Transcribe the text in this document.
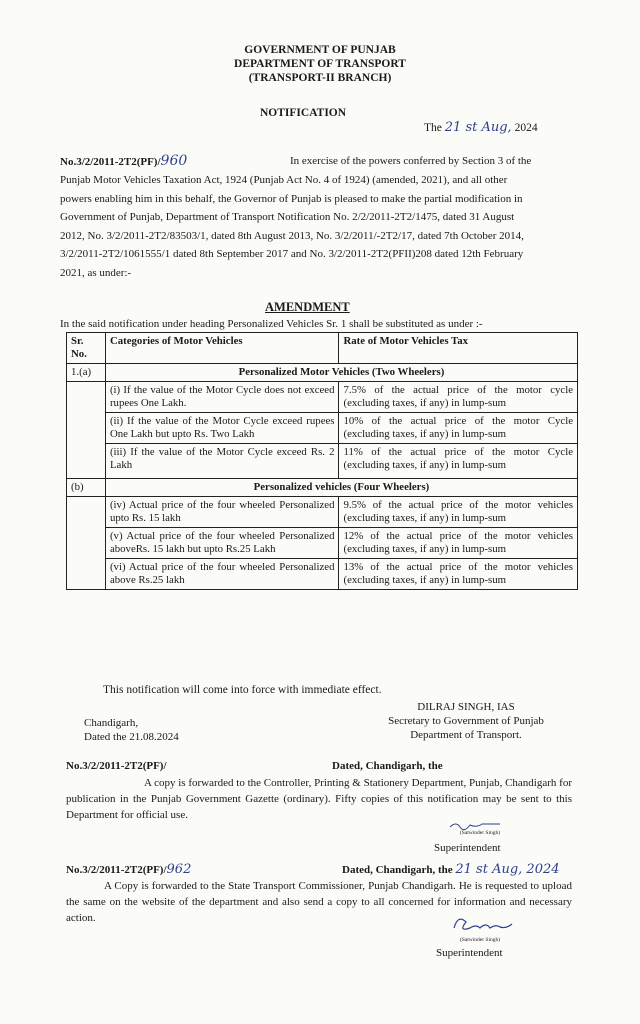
GOVERNMENT OF PUNJAB
DEPARTMENT OF TRANSPORT
(TRANSPORT-II BRANCH)
NOTIFICATION
The 21 st Aug, 2024
No.3/2/2011-2T2(PF)/960	In exercise of the powers conferred by Section 3 of the
Punjab Motor Vehicles Taxation Act, 1924 (Punjab Act No. 4 of 1924) (amended, 2021), and all other
powers enabling him in this behalf, the Governor of Punjab is pleased to make the partial modification in
Government of Punjab, Department of Transport Notification No. 2/2/2011-2T2/1475, dated 31 August
2012, No. 3/2/2011-2T2/83503/1, dated 8th August 2013, No. 3/2/2011/-2T2/17, dated 7th October 2014,
3/2/2011-2T2/1061555/1 dated 8th September 2017 and No. 3/2/2011-2T2(PFII)208 dated 12th February
2021, as under:-
AMENDMENT
In the said notification under heading Personalized Vehicles Sr. 1 shall be substituted as under :-
Sr. No.	Categories of Motor Vehicles	Rate of Motor Vehicles Tax
1.(a)	Personalized Motor Vehicles (Two Wheelers)	
	(i) If the value of the Motor Cycle does not exceed rupees One Lakh.	7.5% of the actual price of the motor cycle (excluding taxes, if any) in lump-sum
	(ii) If the value of the Motor Cycle exceed rupees One Lakh but upto Rs. Two Lakh	10% of the actual price of the motor Cycle (excluding taxes, if any) in lump-sum
	(iii) If the value of the Motor Cycle exceed Rs. 2 Lakh	11% of the actual price of the motor Cycle (excluding taxes, if any) in lump-sum
(b)	Personalized vehicles (Four Wheelers)	
	(iv) Actual price of the four wheeled Personalized upto Rs. 15 lakh	9.5% of the actual price of the motor vehicles (excluding taxes, if any) in lump-sum
	(v) Actual price of the four wheeled Personalized aboveRs. 15 lakh but upto Rs.25 Lakh	12% of the actual price of the motor vehicles (excluding taxes, if any) in lump-sum
	(vi) Actual price of the four wheeled Personalized above Rs.25 lakh	13% of the actual price of the motor vehicles (excluding taxes, if any) in lump-sum
This notification will come into force with immediate effect.
DILRAJ SINGH, IAS
Secretary to Government of Punjab
Department of Transport.
Chandigarh,
Dated the 21.08.2024
No.3/2/2011-2T2(PF)/	Dated, Chandigarh, the
A copy is forwarded to the Controller, Printing & Stationery Department, Punjab, Chandigarh for publication in the Punjab Government Gazette (ordinary). Fifty copies of this notification may be sent to this Department for official use.
(Satwinder Singh)
Superintendent
No.3/2/2011-2T2(PF)/962	Dated, Chandigarh, the 21 st Aug, 2024
A Copy is forwarded to the State Transport Commissioner, Punjab Chandigarh. He is requested to upload the same on the website of the department and also send a copy to all concerned for information and necessary action.
(Satwinder Singh)
Superintendent
